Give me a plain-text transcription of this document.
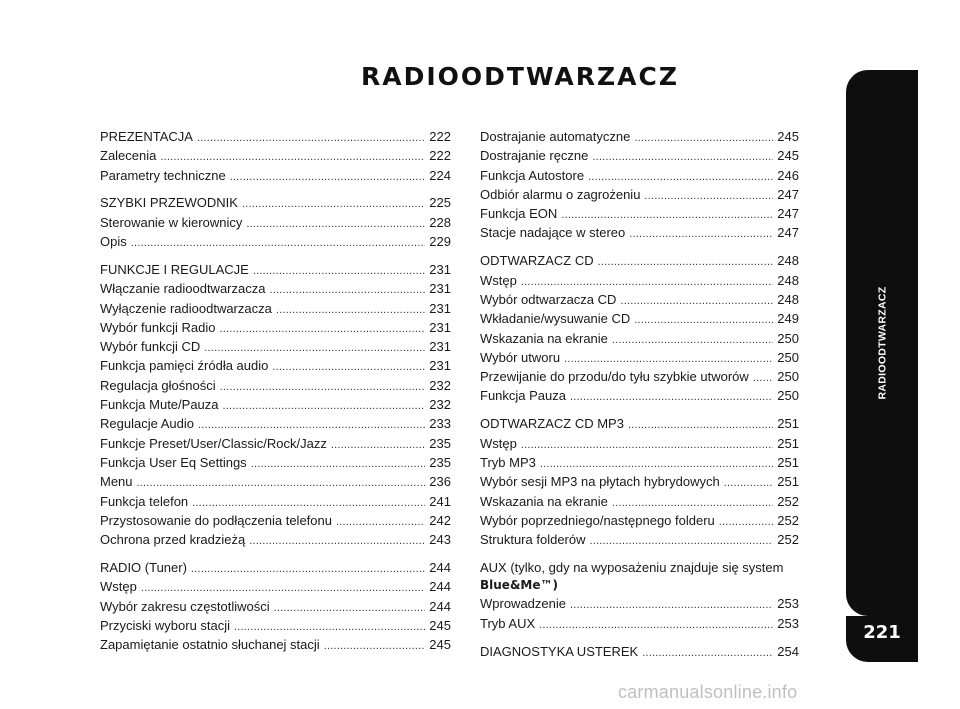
RADIOODTWARZACZ
RADIOODTWARZACZ
221
PREZENTACJA .....	222
Zalecenia .....	222
Parametry techniczne .....	224
SZYBKI PRZEWODNIK .....	225
Sterowanie w kierownicy .....	228
Opis .....	229
FUNKCJE I REGULACJE .....	231
Włączanie radioodtwarzacza .....	231
Wyłączenie radioodtwarzacza .....	231
Wybór funkcji Radio .....	231
Wybór funkcji CD .....	231
Funkcja pamięci źródła audio .....	231
Regulacja głośności .....	232
Funkcja Mute/Pauza .....	232
Regulacje Audio .....	233
Funkcje Preset/User/Classic/Rock/Jazz .....	235
Funkcja User Eq Settings .....	235
Menu .....	236
Funkcja telefon .....	241
Przystosowanie do podłączenia telefonu .....	242
Ochrona przed kradzieżą .....	243
RADIO (Tuner) .....	244
Wstęp .....	244
Wybór zakresu częstotliwości .....	244
Przyciski wyboru stacji .....	245
Zapamiętanie ostatnio słuchanej stacji .....	245
Dostrajanie automatyczne .....	245
Dostrajanie ręczne .....	245
Funkcja Autostore .....	246
Odbiór alarmu o zagrożeniu .....	247
Funkcja EON .....	247
Stacje nadające w stereo .....	247
ODTWARZACZ CD .....	248
Wstęp .....	248
Wybór odtwarzacza CD .....	248
Wkładanie/wysuwanie CD .....	249
Wskazania na ekranie .....	250
Wybór utworu .....	250
Przewijanie do przodu/do tyłu szybkie utworów ..... 250
Funkcja Pauza .....	250
ODTWARZACZ CD MP3 .....	251
Wstęp .....	251
Tryb MP3 .....	251
Wybór sesji MP3 na płytach hybrydowych .....	251
Wskazania na ekranie .....	252
Wybór poprzedniego/następnego folderu .....	252
Struktura folderów .....	252
AUX (tylko, gdy na wyposażeniu znajduje się system
Blue&Me™)
Wprowadzenie .....	253
Tryb AUX .....	253
DIAGNOSTYKA USTEREK .....	254
carmanualsonline.info
